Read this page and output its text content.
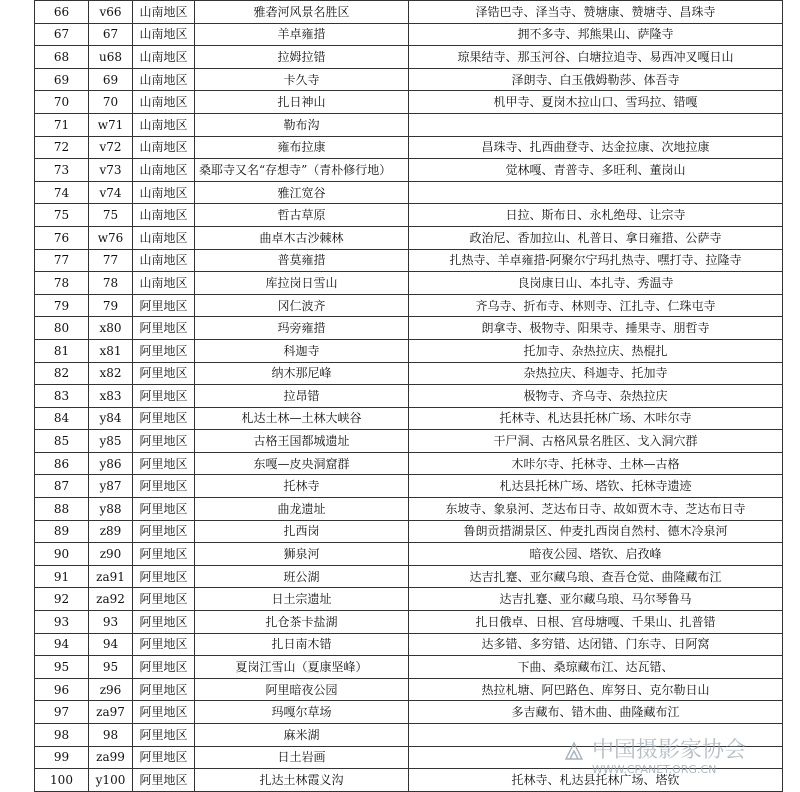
66	v66	山南地区	雅砻河风景名胜区	泽锆巴寺、泽当寺、赞塘康、赞塘寺、昌珠寺
67	67	山南地区	羊卓雍措	拥不多寺、邦熊果山、萨隆寺
68	u68	山南地区	拉姆拉错	琼果结寺、那玉河谷、白塘拉追寺、易西冲叉嘎日山
69	69	山南地区	卡久寺	泽朗寺、白玉俄姆勒莎、体吾寺
70	70	山南地区	扎日神山	机甲寺、夏岗木拉山口、雪玛拉、错嘎
71	w71	山南地区	勒布沟	
72	v72	山南地区	雍布拉康	昌珠寺、扎西曲登寺、达金拉康、次地拉康
73	v73	山南地区	桑耶寺又名“存想寺”（青朴修行地）	觉林嘎、青普寺、多旺利、董岗山
74	v74	山南地区	雅江宽谷	
75	75	山南地区	哲古草原	日拉、斯布日、永札绝母、让宗寺
76	w76	山南地区	曲卓木古沙棘林	政治尼、香加拉山、札普日、拿日雍措、公萨寺
77	77	山南地区	普莫雍措	扎热寺、羊卓雍措-阿聚尔宁玛扎热寺、嘿打寺、拉隆寺
78	78	山南地区	库拉岗日雪山	良岗康日山、本扎寺、秀温寺
79	79	阿里地区	冈仁波齐	齐乌寺、折布寺、林则寺、江扎寺、仁珠屯寺
80	x80	阿里地区	玛旁雍措	朗拿寺、极物寺、阳果寺、捶果寺、朋哲寺
81	x81	阿里地区	科迦寺	托加寺、杂热拉庆、热棍扎
82	x82	阿里地区	纳木那尼峰	杂热拉庆、科迦寺、托加寺
83	x83	阿里地区	拉昂错	极物寺、齐乌寺、杂热拉庆
84	y84	阿里地区	札达土林—土林大峡谷	托林寺、札达县托林广场、木咔尔寺
85	y85	阿里地区	古格王国都城遗址	干尸洞、古格风景名胜区、戈入洞穴群
86	y86	阿里地区	东嘎—皮央洞窟群	木咔尔寺、托林寺、土林—古格
87	y87	阿里地区	托林寺	札达县托林广场、塔钦、托林寺遗迹
88	y88	阿里地区	曲龙遗址	东坡寺、象泉河、芝达布日寺、故如贾木寺、芝达布日寺
89	z89	阿里地区	扎西岗	鲁朗贡措湖景区、仲麦扎西岗自然村、德木冷泉河
90	z90	阿里地区	狮泉河	暗夜公园、塔钦、启孜峰
91	za91	阿里地区	班公湖	达吉扎蹇、亚尔藏乌琅、查吾仓觉、曲隆藏布江
92	za92	阿里地区	日土宗遗址	达吉扎蹇、亚尔藏乌琅、马尔琴鲁马
93	93	阿里地区	扎仓茶卡盐湖	扎日俄卓、日根、宫母塘嘎、千果山、扎普错
94	94	阿里地区	扎日南木错	达多错、多穷错、达闭错、门东寺、日阿窝
95	95	阿里地区	夏岗江雪山（夏康坚峰）	下曲、桑琼藏布江、达瓦错、
96	z96	阿里地区	阿里暗夜公园	热拉札塘、阿巴路色、库努日、克尔勒日山
97	za97	阿里地区	玛嘎尔草场	多吉藏布、错木曲、曲隆藏布江
98	98	阿里地区	麻米湖	
99	za99	阿里地区	日土岩画	
100	y100	阿里地区	扎达土林霞义沟	托林寺、札达县托林广场、塔钦
中国摄影家协会
WWW.CPANET.ORG.CN
